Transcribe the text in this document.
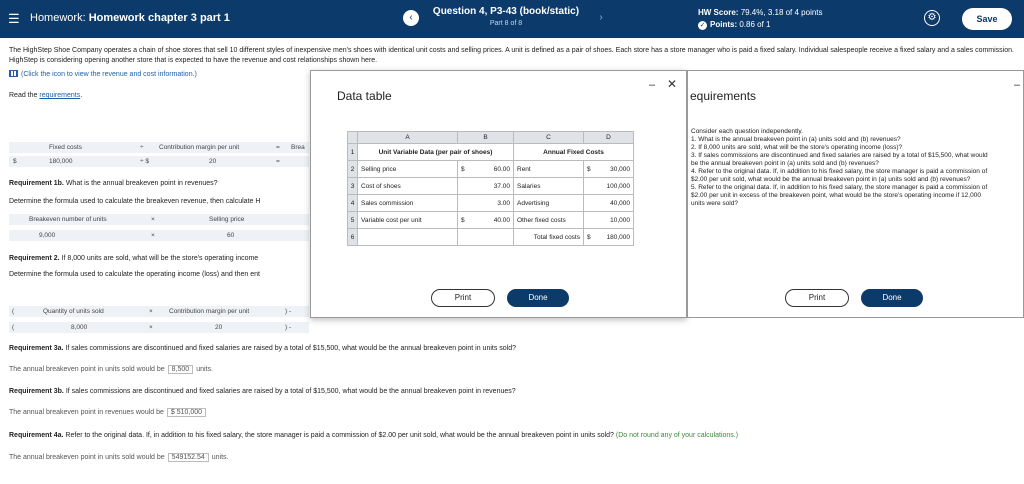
☰ Homework: Homework chapter 3 part 1	‹
Question 4, P3-43 (book/static)
Part 8 of 8
›	HW Score: 79.4%, 3.18 of 4 points
✓ Points: 0.86 of 1
⚙	Save
The HighStep Shoe Company operates a chain of shoe stores that sell 10 different styles of inexpensive men's shoes with identical unit costs and selling prices. A unit is defined as a pair of shoes. Each store has a store manager who is paid a fixed salary. Individual salespeople receive a fixed salary and a sales commission. HighStep is considering opening another store that is expected to have the revenue and cost relationships shown here.
(Click the icon to view the revenue and cost information.)
Read the requirements.
Fixed costs	÷ Contribution margin per unit	= Brea
$	180,000	÷ $	20	=
Requirement 1b. What is the annual breakeven point in revenues?
Determine the formula used to calculate the breakeven revenue, then calculate H
Breakeven number of units	×	Selling price
9,000	×	60
Requirement 2. If 8,000 units are sold, what will be the store's operating income
Determine the formula used to calculate the operating income (loss) and then ent
(	Quantity of units sold	× Contribution margin per unit	) -
(	8,000	×	20	) -
Requirement 3a. If sales commissions are discontinued and fixed salaries are raised by a total of $15,500, what would be the annual breakeven point in units sold?
The annual breakeven point in units sold would be 8,500 units.
Requirement 3b. If sales commissions are discontinued and fixed salaries are raised by a total of $15,500, what would be the annual breakeven point in revenues?
The annual breakeven point in revenues would be $ 510,000
Requirement 4a. Refer to the original data. If, in addition to his fixed salary, the store manager is paid a commission of $2.00 per unit sold, what would be the annual breakeven point in units sold? (Do not round any of your calculations.)
The annual breakeven point in units sold would be 549152.54 units.
Data table
– ✕
	A	B	C	D
1	Unit Variable Data (per pair of shoes)		Annual Fixed Costs	
2	Selling price	$ 60.00	Rent	$ 30,000
3	Cost of shoes	37.00	Salaries	100,000
4	Sales commission	3.00	Advertising	40,000
5	Variable cost per unit	$ 40.00	Other fixed costs	10,000
6			Total fixed costs	$ 180,000
Print	Done
equirements
–

Consider each question independently.

1. What is the annual breakeven point in (a) units sold and (b) revenues?

2. If 8,000 units are sold, what will be the store's operating income (loss)?

3. If sales commissions are discontinued and fixed salaries are raised by a total of $15,500, what would be the annual breakeven point in (a) units sold and (b) revenues?

4. Refer to the original data. If, in addition to his fixed salary, the store manager is paid a commission of $2.00 per unit sold, what would be the annual breakeven point in (a) units sold and (b) revenues?

5. Refer to the original data. If, in addition to his fixed salary, the store manager is paid a commission of $2.00 per unit in excess of the breakeven point, what would be the store's operating income if 12,000 units were sold?

Print	Done
